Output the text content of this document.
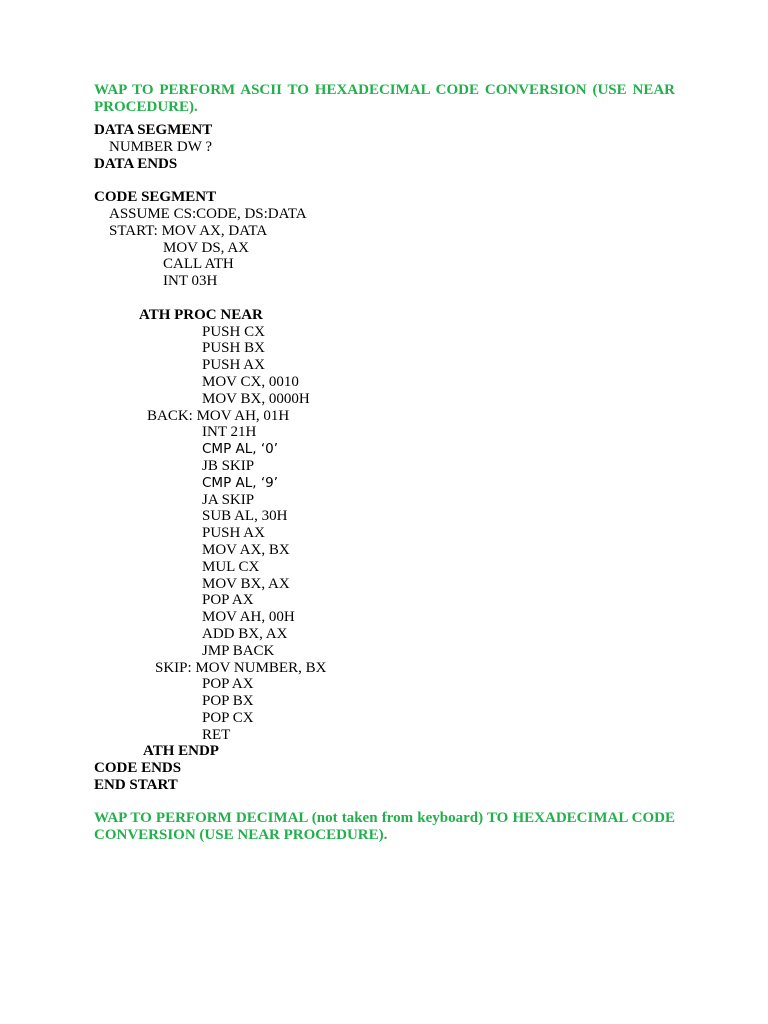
WAP TO PERFORM ASCII TO HEXADECIMAL CODE CONVERSION (USE NEAR PROCEDURE).

DATA SEGMENT
NUMBER DW ?
DATA ENDS
CODE SEGMENT
ASSUME CS:CODE, DS:DATA
START: MOV AX, DATA
MOV DS, AX
CALL ATH
INT 03H
ATH PROC NEAR
PUSH CX
PUSH BX
PUSH AX
MOV CX, 0010
MOV BX, 0000H
BACK: MOV AH, 01H
INT 21H
CMP AL, ‘0’
JB SKIP
CMP AL, ‘9’
JA SKIP
SUB AL, 30H
PUSH AX
MOV AX, BX
MUL CX
MOV BX, AX
POP AX
MOV AH, 00H
ADD BX, AX
JMP BACK
SKIP: MOV NUMBER, BX
POP AX
POP BX
POP CX
RET
ATH ENDP
CODE ENDS
END START

WAP TO PERFORM DECIMAL (not taken from keyboard) TO HEXADECIMAL CODE CONVERSION (USE NEAR PROCEDURE).
